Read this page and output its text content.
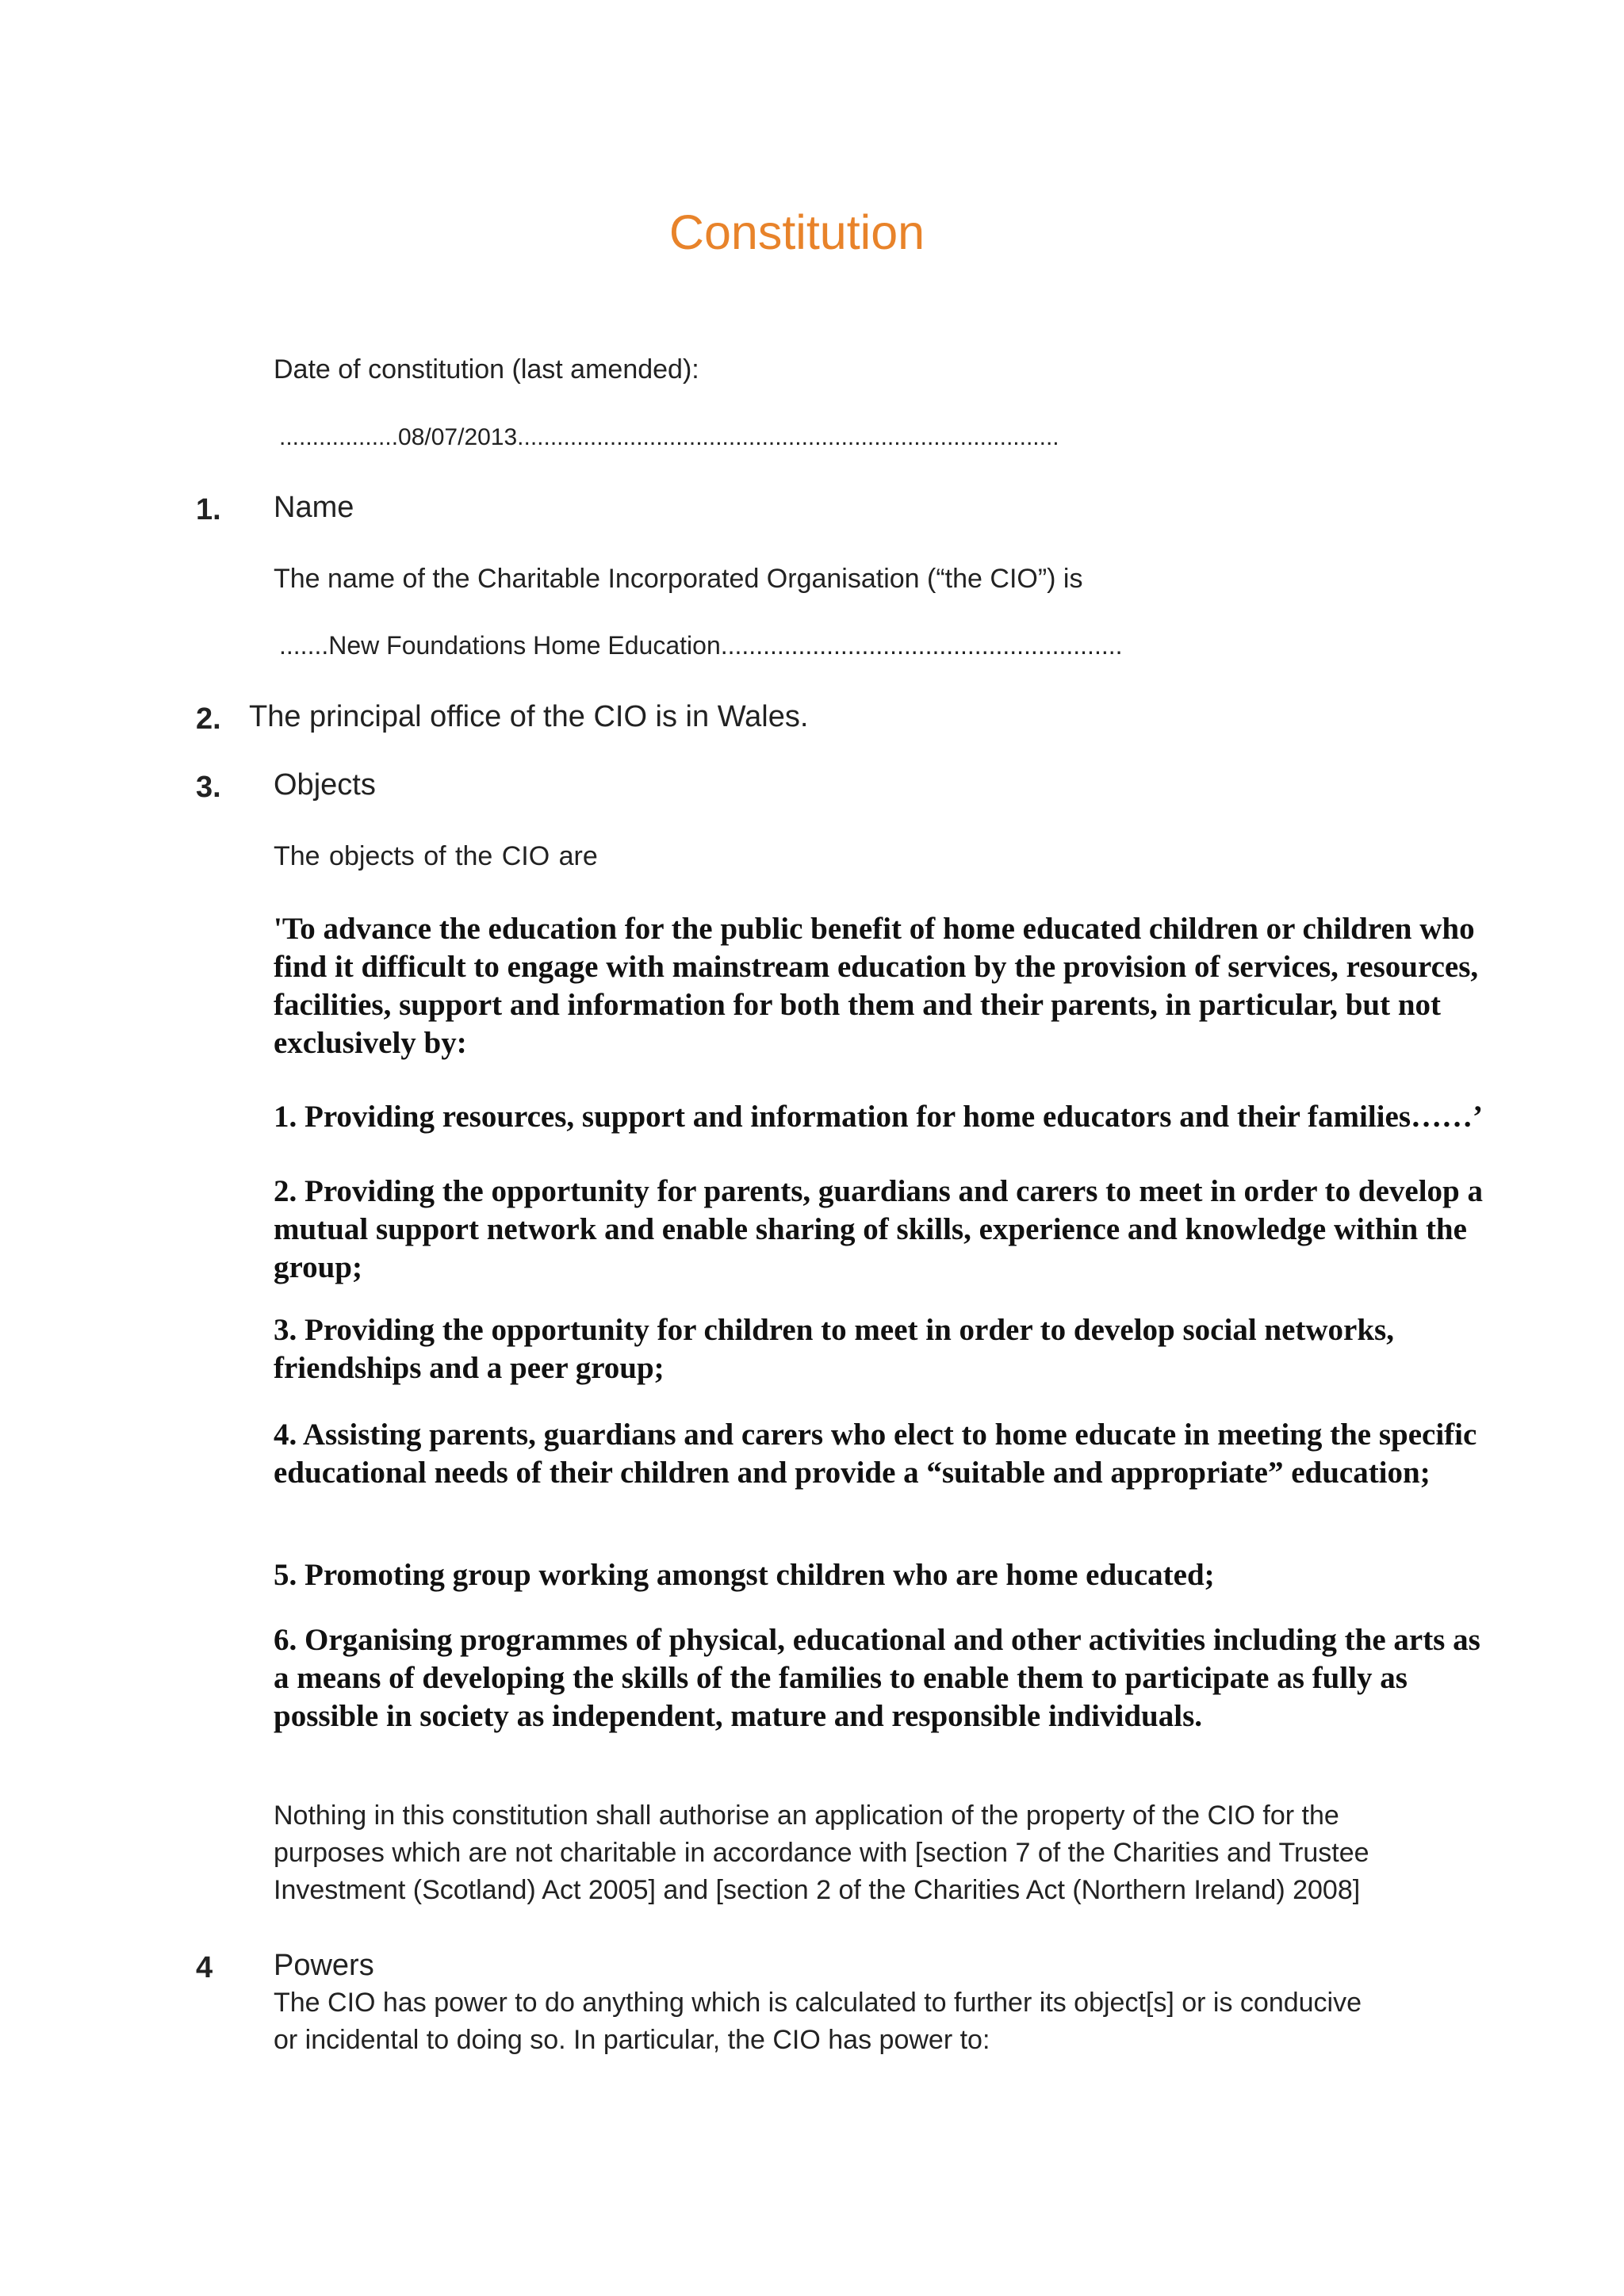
Constitution
Date of constitution (last amended):
..................08/07/2013..................................................................................
1. Name
The name of the Charitable Incorporated Organisation (“the CIO”) is
.......New Foundations Home Education.........................................................
2. The principal office of the CIO is in Wales.
3. Objects
The objects of the CIO are
'To advance the education for the public benefit of home educated children or children who find it difficult to engage with mainstream education by the provision of services, resources, facilities, support and information for both them and their parents, in particular, but not exclusively by:
1. Providing resources, support and information for home educators and their families……’
2. Providing the opportunity for parents, guardians and carers to meet in order to develop a mutual support network and enable sharing of skills, experience and knowledge within the group;
3. Providing the opportunity for children to meet in order to develop social networks, friendships and a peer group;
4. Assisting parents, guardians and carers who elect to home educate in meeting the specific educational needs of their children and provide a “suitable and appropriate” education;
5. Promoting group working amongst children who are home educated;
6. Organising programmes of physical, educational and other activities including the arts as a means of developing the skills of the families to enable them to participate as fully as possible in society as independent, mature and responsible individuals.
Nothing in this constitution shall authorise an application of the property of the CIO for the purposes which are not charitable in accordance with [section 7 of the Charities and Trustee Investment (Scotland) Act 2005] and [section 2 of the Charities Act (Northern Ireland) 2008]
4 Powers
The CIO has power to do anything which is calculated to further its object[s] or is conducive or incidental to doing so. In particular, the CIO has power to:
